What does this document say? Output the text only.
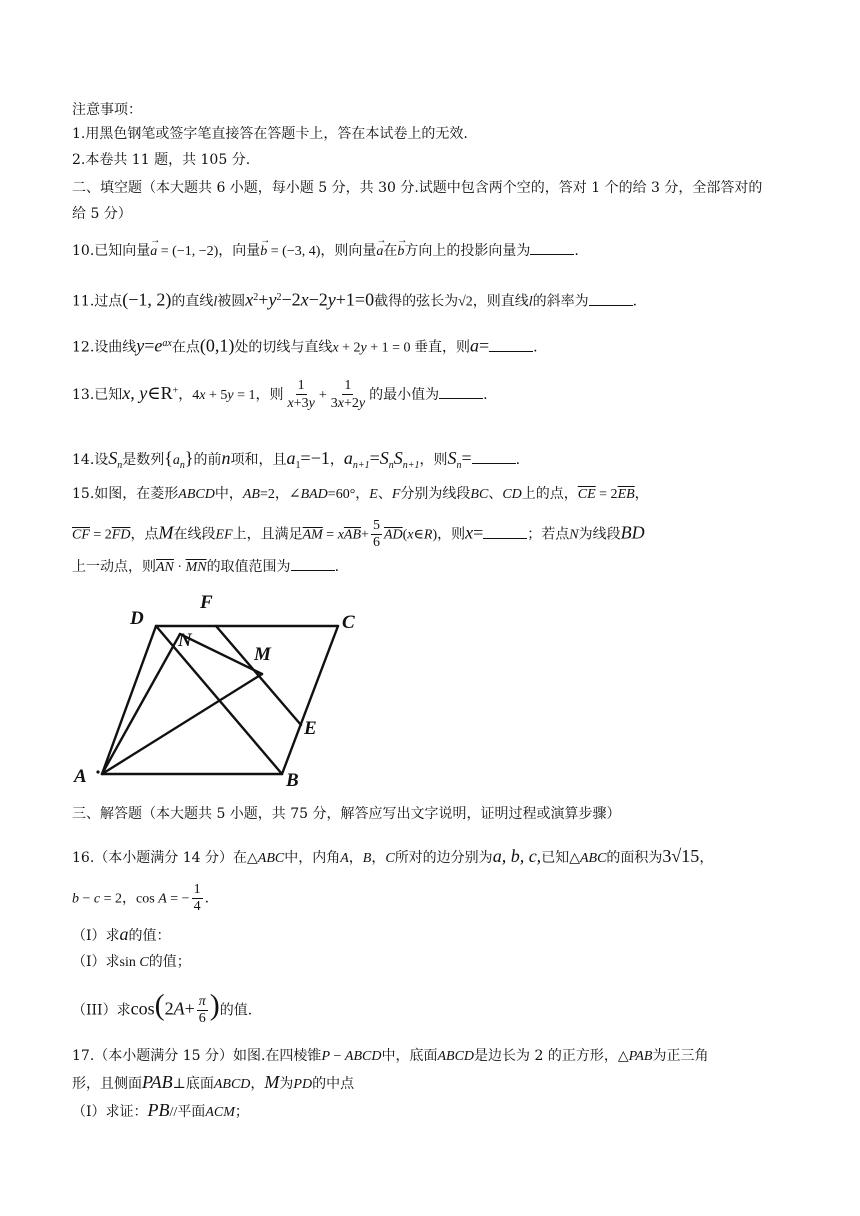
注意事项：
1.用黑色钢笔或签字笔直接答在答题卡上，答在本试卷上的无效.
2.本卷共 11 题，共 105 分.
二、填空题（本大题共 6 小题，每小题 5 分，共 30 分.试题中包含两个空的，答对 1 个的给 3 分，全部答对的
给 5 分）
10.已知向量→ a = (−1, −2)，向量→ b = (−3, 4)，则向量→ a在→ b方向上的投影向量为	.
11.过点(−1, 2)的直线l被圆$x^2+y^2-2x-2y+1=0$截得的弦长为√2，则直线l的斜率为	.
12.设曲线$y=e^{ax}$在点(0,1)处的切线与直线x + 2y + 1 = 0 垂直，则a=	.
13.已知x, y∈R+，4x + 5y = 1，则 $\frac{1}{x+3y} + \frac{1}{3x+2y}$ 的最小值为	.
14.设$S_n$是数列$\{a_n\}$的前n项和，且$a_1=-1$，$a_{n+1}=S_nS_{n+1}$，则$S_n=$	.
15.如图，在菱形ABCD中，AB=2，∠BAD=60°，E、F分别为线段BC、CD上的点，$\overline{CE} = 2\overline{EB}$，
$\overline{CF} = 2\overline{FD}$，点M在线段EF上，且满足$\overline{AM} = x\overline{AB}+ \frac{5}{6}$ $\overline{AD}(x\in R)$，则x=	；若点N为线段BD
上一动点，则$\overline{AN} \cdot \overline{MN}$的取值范围为	.
D
F
C
N
M
E
A	B
三、解答题（本大题共 5 小题，共 75 分，解答应写出文字说明，证明过程或演算步骤）
16.（本小题满分 14 分）在△ABC中，内角A，B，C所对的边分别为a, b, c,已知△ABC的面积为3√15，
b − c = 2，cos A = − $\frac{1}{4}$ .
（I）求a的值：
（I）求sin C的值；
（III）求$\cos(2A+ \frac{\pi}{6}$ )的值.
17.（本小题满分 15 分）如图.在四棱锥P − ABCD中，底面ABCD是边长为 2 的正方形，△PAB为正三角
形，且侧面PAB⊥底面ABCD，M为PD的中点
（I）求证：PB//平面ACM；
